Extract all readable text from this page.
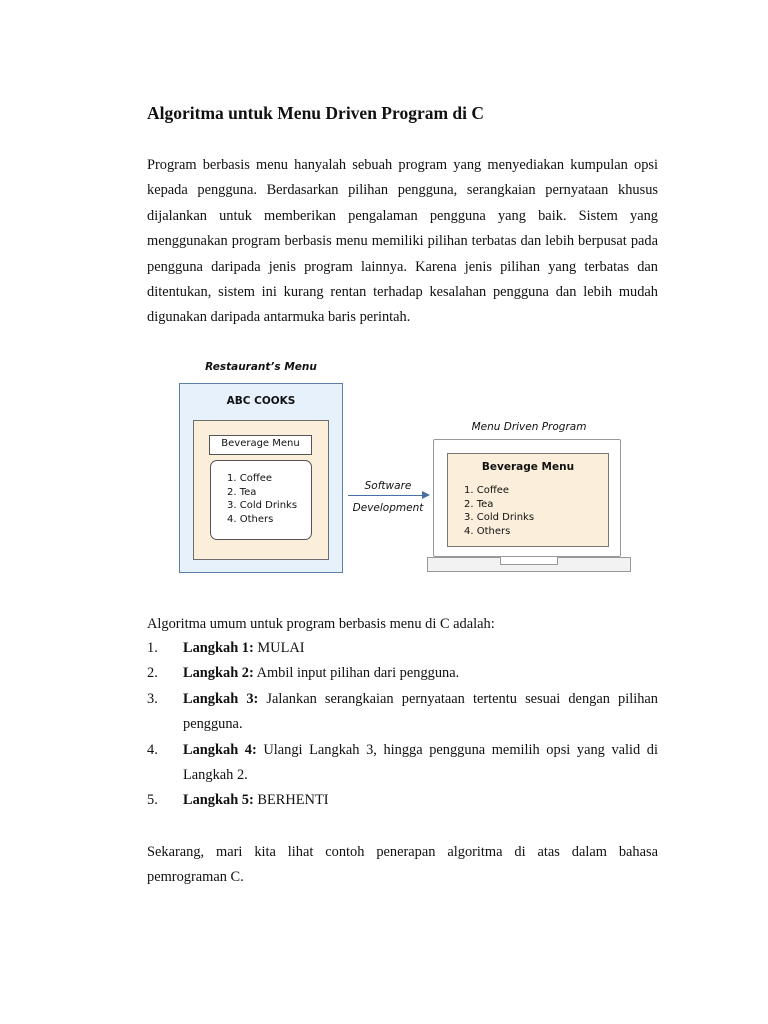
Algoritma untuk Menu Driven Program di C

Program berbasis menu hanyalah sebuah program yang menyediakan kumpulan opsi kepada pengguna. Berdasarkan pilihan pengguna, serangkaian pernyataan khusus dijalankan untuk memberikan pengalaman pengguna yang baik. Sistem yang menggunakan program berbasis menu memiliki pilihan terbatas dan lebih berpusat pada pengguna daripada jenis program lainnya. Karena jenis pilihan yang terbatas dan ditentukan, sistem ini kurang rentan terhadap kesalahan pengguna dan lebih mudah digunakan daripada antarmuka baris perintah.

Algoritma umum untuk program berbasis menu di C adalah:
1. Langkah 1: MULAI
2. Langkah 2: Ambil input pilihan dari pengguna.
3. Langkah 3: Jalankan serangkaian pernyataan tertentu sesuai dengan pilihan pengguna.
4. Langkah 4: Ulangi Langkah 3, hingga pengguna memilih opsi yang valid di Langkah 2.
5. Langkah 5: BERHENTI

Sekarang, mari kita lihat contoh penerapan algoritma di atas dalam bahasa pemrograman C.

Restaurant’s Menu
ABC COOKS
Beverage Menu
1. Coffee
2. Tea
3. Cold Drinks
4. Others
Software
Development
Menu Driven Program
Beverage Menu
1. Coffee
2. Tea
3. Cold Drinks
4. Others
